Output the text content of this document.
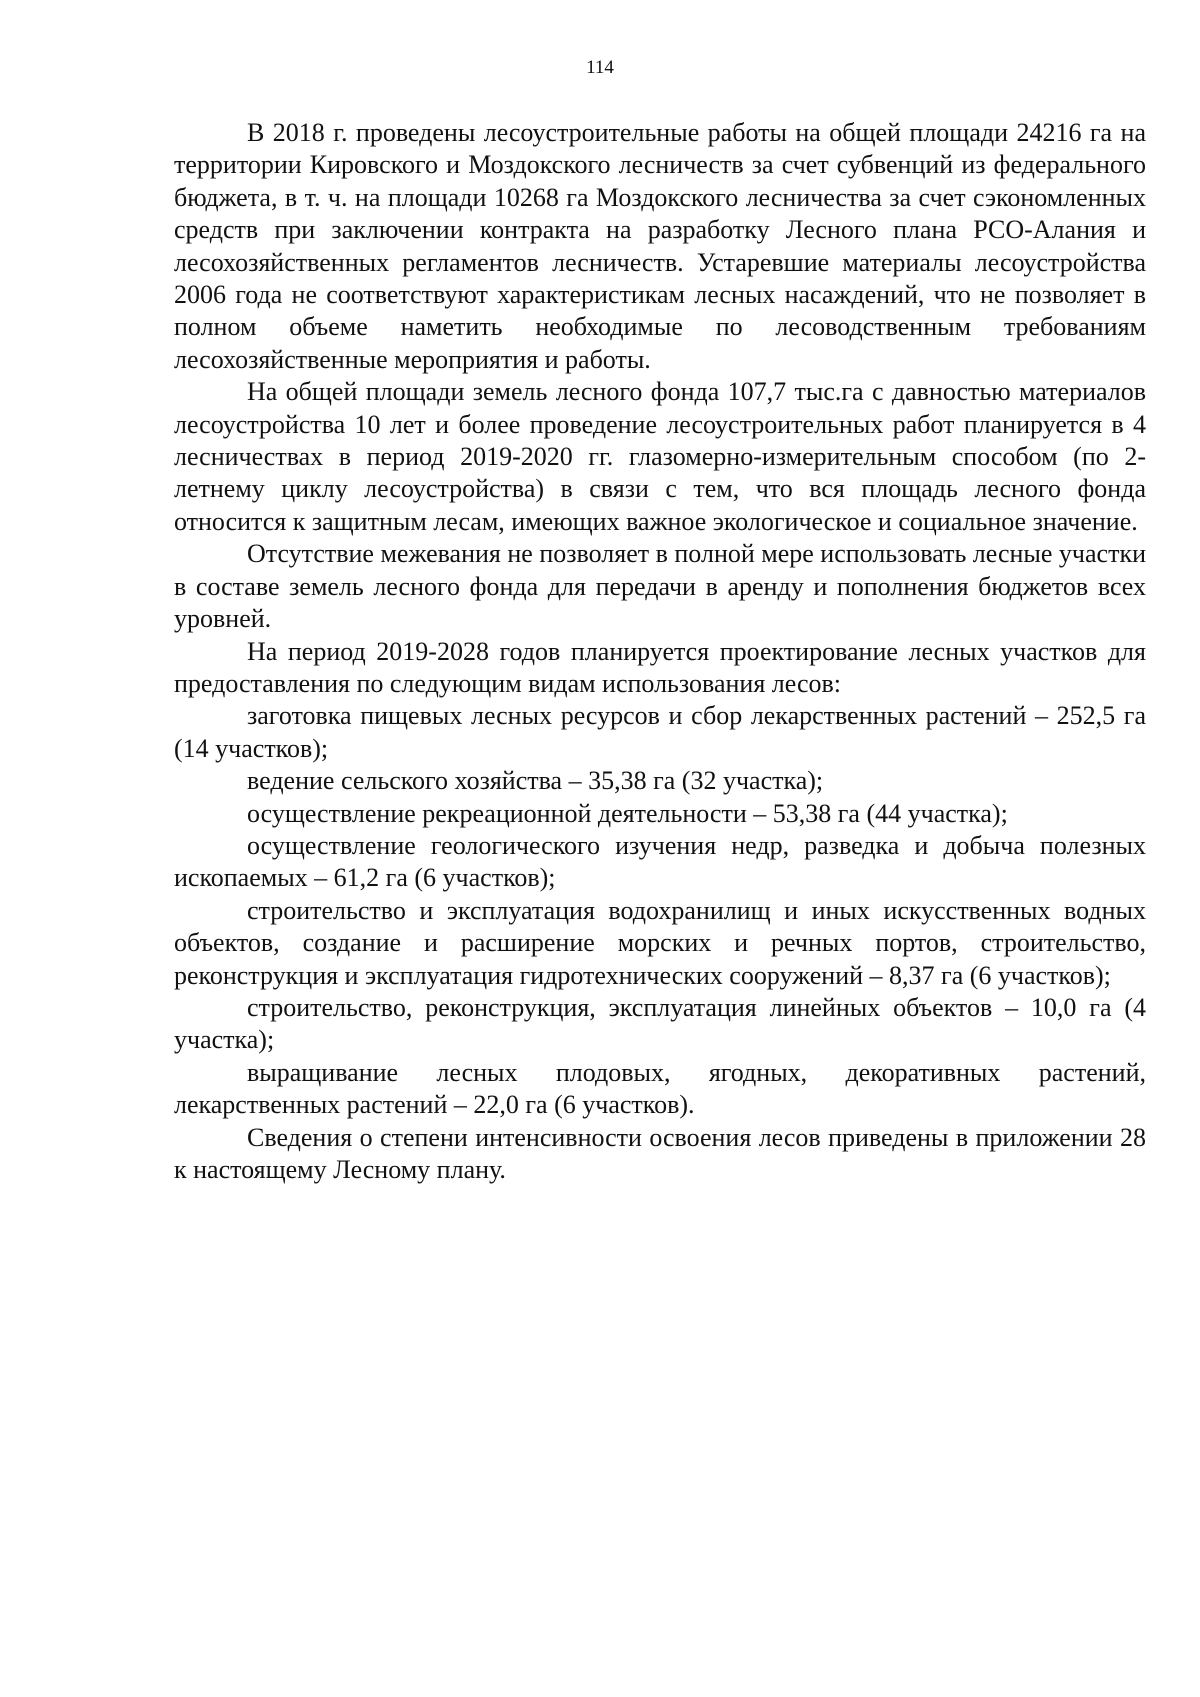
114

В 2018 г. проведены лесоустроительные работы на общей площади 24216 га на территории Кировского и Моздокского лесничеств за счет субвенций из федерального бюджета, в т. ч. на площади 10268 га Моздокского лесничества за счет сэкономленных средств при заключении контракта на разработку Лесного плана РСО-Алания и лесохозяйственных регламентов лесничеств. Устаревшие материалы лесоустройства 2006 года не соответствуют характеристикам лесных насаждений, что не позволяет в полном объеме наметить необходимые по лесоводственным требованиям лесохозяйственные мероприятия и работы.

На общей площади земель лесного фонда 107,7 тыс.га с давностью материалов лесоустройства 10 лет и более проведение лесоустроительных работ планируется в 4 лесничествах в период 2019-2020 гг. глазомерно-измерительным способом (по 2-летнему циклу лесоустройства) в связи с тем, что вся площадь лесного фонда относится к защитным лесам, имеющих важное экологическое и социальное значение.

Отсутствие межевания не позволяет в полной мере использовать лесные участки в составе земель лесного фонда для передачи в аренду и пополнения бюджетов всех уровней.

На период 2019-2028 годов планируется проектирование лесных участков для предоставления по следующим видам использования лесов:

заготовка пищевых лесных ресурсов и сбор лекарственных растений – 252,5 га (14 участков);

ведение сельского хозяйства – 35,38 га (32 участка);

осуществление рекреационной деятельности – 53,38 га (44 участка);

осуществление геологического изучения недр, разведка и добыча полезных ископаемых – 61,2 га (6 участков);

строительство и эксплуатация водохранилищ и иных искусственных водных объектов, создание и расширение морских и речных портов, строительство, реконструкция и эксплуатация гидротехнических сооружений – 8,37 га (6 участков);

строительство, реконструкция, эксплуатация линейных объектов – 10,0 га (4 участка);

выращивание лесных плодовых, ягодных, декоративных растений, лекарственных растений – 22,0 га (6 участков).

Сведения о степени интенсивности освоения лесов приведены в приложении 28 к настоящему Лесному плану.
